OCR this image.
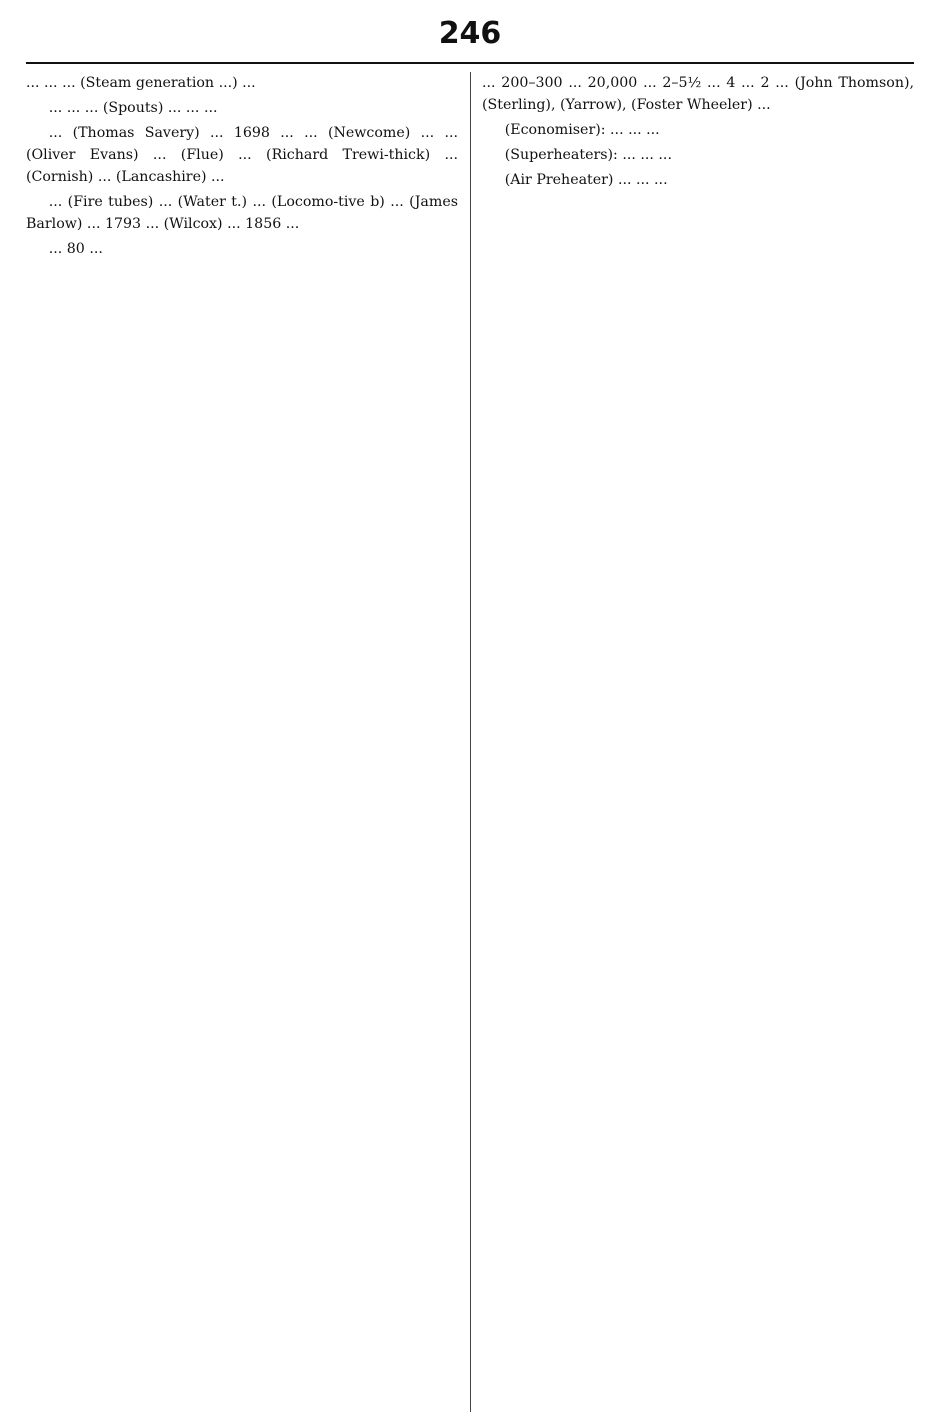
246

... ... ... (Steam generation ...) ...

... ... ... (Spouts) ... ... ...

... (Thomas Savery) ... 1698 ... ... (Newcome) ... ... (Oliver Evans) ... (Flue) ... (Richard Trewi-thick) ... (Cornish) ... (Lancashire) ...

... (Fire tubes) ... (Water t.) ... (Locomo-tive b) ... (James Barlow) ... 1793 ... (Wilcox) ... 1856 ...

... 80 ...

... 200–300 ... 20,000 ... 2–5½ ... 4 ... 2 ... (John Thomson), (Sterling), (Yarrow), (Foster Wheeler) ...

(Economiser): ... ... ...

(Superheaters): ... ... ...

(Air Preheater) ... ... ...
